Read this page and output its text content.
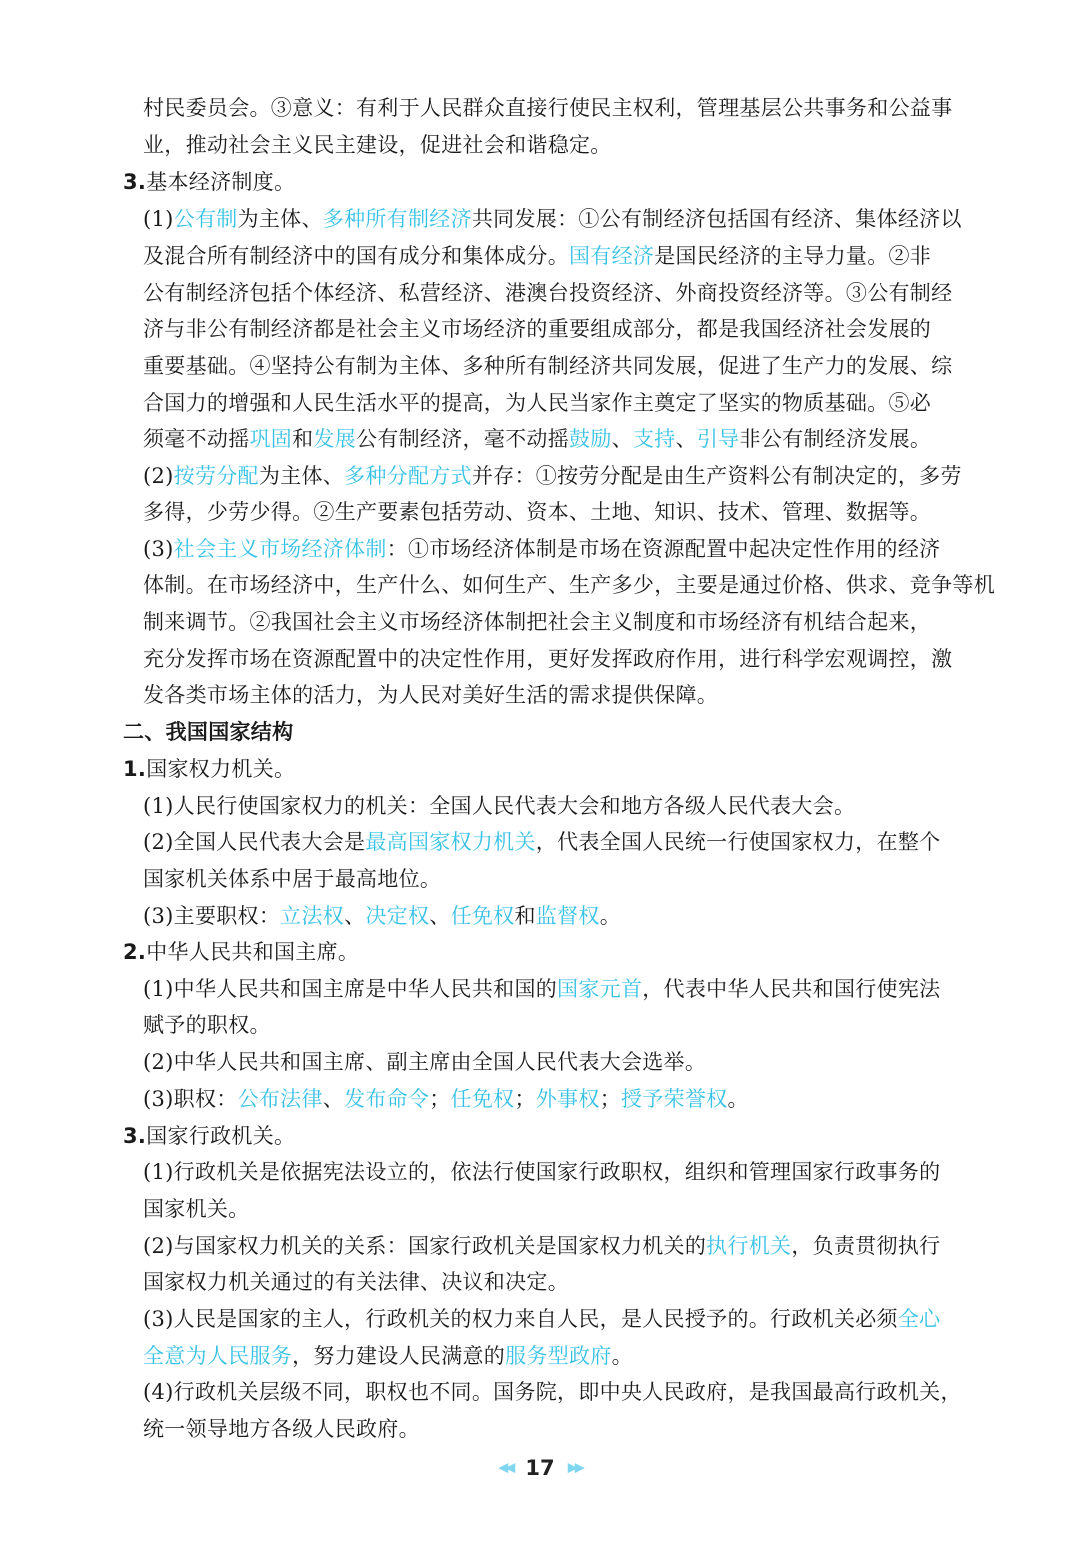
村民委员会。③意义：有利于人民群众直接行使民主权利，管理基层公共事务和公益事
业，推动社会主义民主建设，促进社会和谐稳定。
3.基本经济制度。
(1)公有制为主体、多种所有制经济共同发展：①公有制经济包括国有经济、集体经济以
及混合所有制经济中的国有成分和集体成分。国有经济是国民经济的主导力量。②非
公有制经济包括个体经济、私营经济、港澳台投资经济、外商投资经济等。③公有制经
济与非公有制经济都是社会主义市场经济的重要组成部分，都是我国经济社会发展的
重要基础。④坚持公有制为主体、多种所有制经济共同发展，促进了生产力的发展、综
合国力的增强和人民生活水平的提高，为人民当家作主奠定了坚实的物质基础。⑤必
须毫不动摇巩固和发展公有制经济，毫不动摇鼓励、支持、引导非公有制经济发展。
(2)按劳分配为主体、多种分配方式并存：①按劳分配是由生产资料公有制决定的，多劳
多得，少劳少得。②生产要素包括劳动、资本、土地、知识、技术、管理、数据等。
(3)社会主义市场经济体制：①市场经济体制是市场在资源配置中起决定性作用的经济
体制。在市场经济中，生产什么、如何生产、生产多少，主要是通过价格、供求、竞争等机
制来调节。②我国社会主义市场经济体制把社会主义制度和市场经济有机结合起来，
充分发挥市场在资源配置中的决定性作用，更好发挥政府作用，进行科学宏观调控，激
发各类市场主体的活力，为人民对美好生活的需求提供保障。
二、我国国家结构
1.国家权力机关。
(1)人民行使国家权力的机关：全国人民代表大会和地方各级人民代表大会。
(2)全国人民代表大会是最高国家权力机关，代表全国人民统一行使国家权力，在整个
国家机关体系中居于最高地位。
(3)主要职权：立法权、决定权、任免权和监督权。
2.中华人民共和国主席。
(1)中华人民共和国主席是中华人民共和国的国家元首，代表中华人民共和国行使宪法
赋予的职权。
(2)中华人民共和国主席、副主席由全国人民代表大会选举。
(3)职权：公布法律、发布命令；任免权；外事权；授予荣誉权。
3.国家行政机关。
(1)行政机关是依据宪法设立的，依法行使国家行政职权，组织和管理国家行政事务的
国家机关。
(2)与国家权力机关的关系：国家行政机关是国家权力机关的执行机关，负责贯彻执行
国家权力机关通过的有关法律、决议和决定。
(3)人民是国家的主人，行政机关的权力来自人民，是人民授予的。行政机关必须全心
全意为人民服务，努力建设人民满意的服务型政府。
(4)行政机关层级不同，职权也不同。国务院，即中央人民政府，是我国最高行政机关，
统一领导地方各级人民政府。
◀◀ 17 ▶▶
